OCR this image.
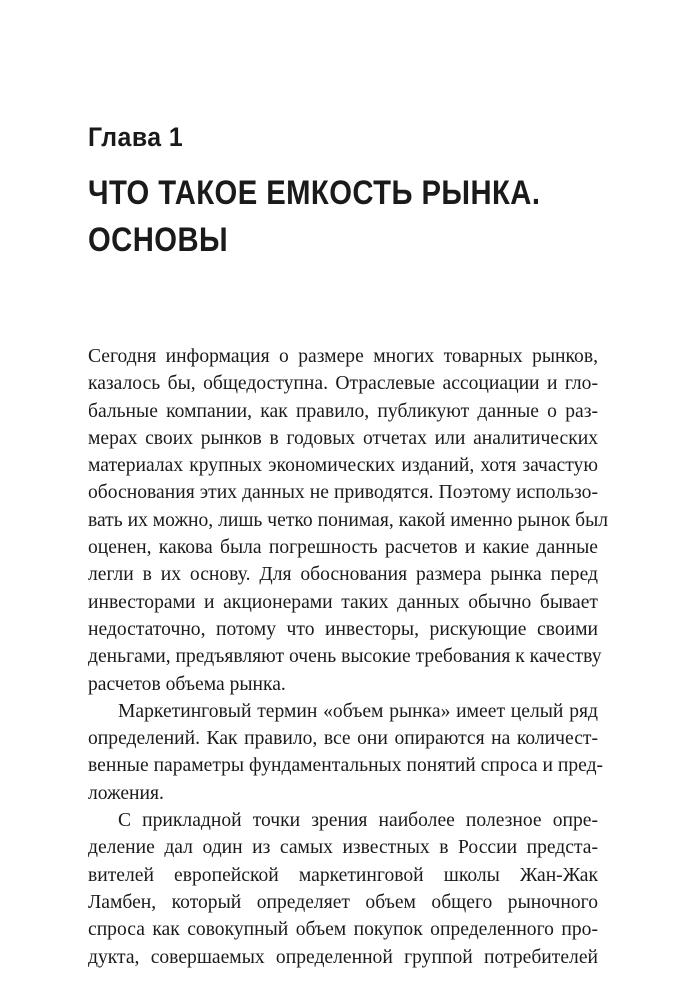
Глава 1
ЧТО ТАКОЕ ЕМКОСТЬ РЫНКА.
ОСНОВЫ
Сегодня информация о размере многих товарных рынков,
казалось бы, общедоступна. Отраслевые ассоциации и гло-
бальные компании, как правило, публикуют данные о раз-
мерах своих рынков в годовых отчетах или аналитических
материалах крупных экономических изданий, хотя зачастую
обоснования этих данных не приводятся. Поэтому использо-
вать их можно, лишь четко понимая, какой именно рынок был
оценен, какова была погрешность расчетов и какие данные
легли в их основу. Для обоснования размера рынка перед
инвесторами и акционерами таких данных обычно бывает
недостаточно, потому что инвесторы, рискующие своими
деньгами, предъявляют очень высокие требования к качеству
расчетов объема рынка.
Маркетинговый термин «объем рынка» имеет целый ряд
определений. Как правило, все они опираются на количест-
венные параметры фундаментальных понятий спроса и пред-
ложения.
С прикладной точки зрения наиболее полезное опре-
деление дал один из самых известных в России предста-
вителей европейской маркетинговой школы Жан-Жак
Ламбен, который определяет объем общего рыночного
спроса как совокупный объем покупок определенного про-
дукта, совершаемых определенной группой потребителей
